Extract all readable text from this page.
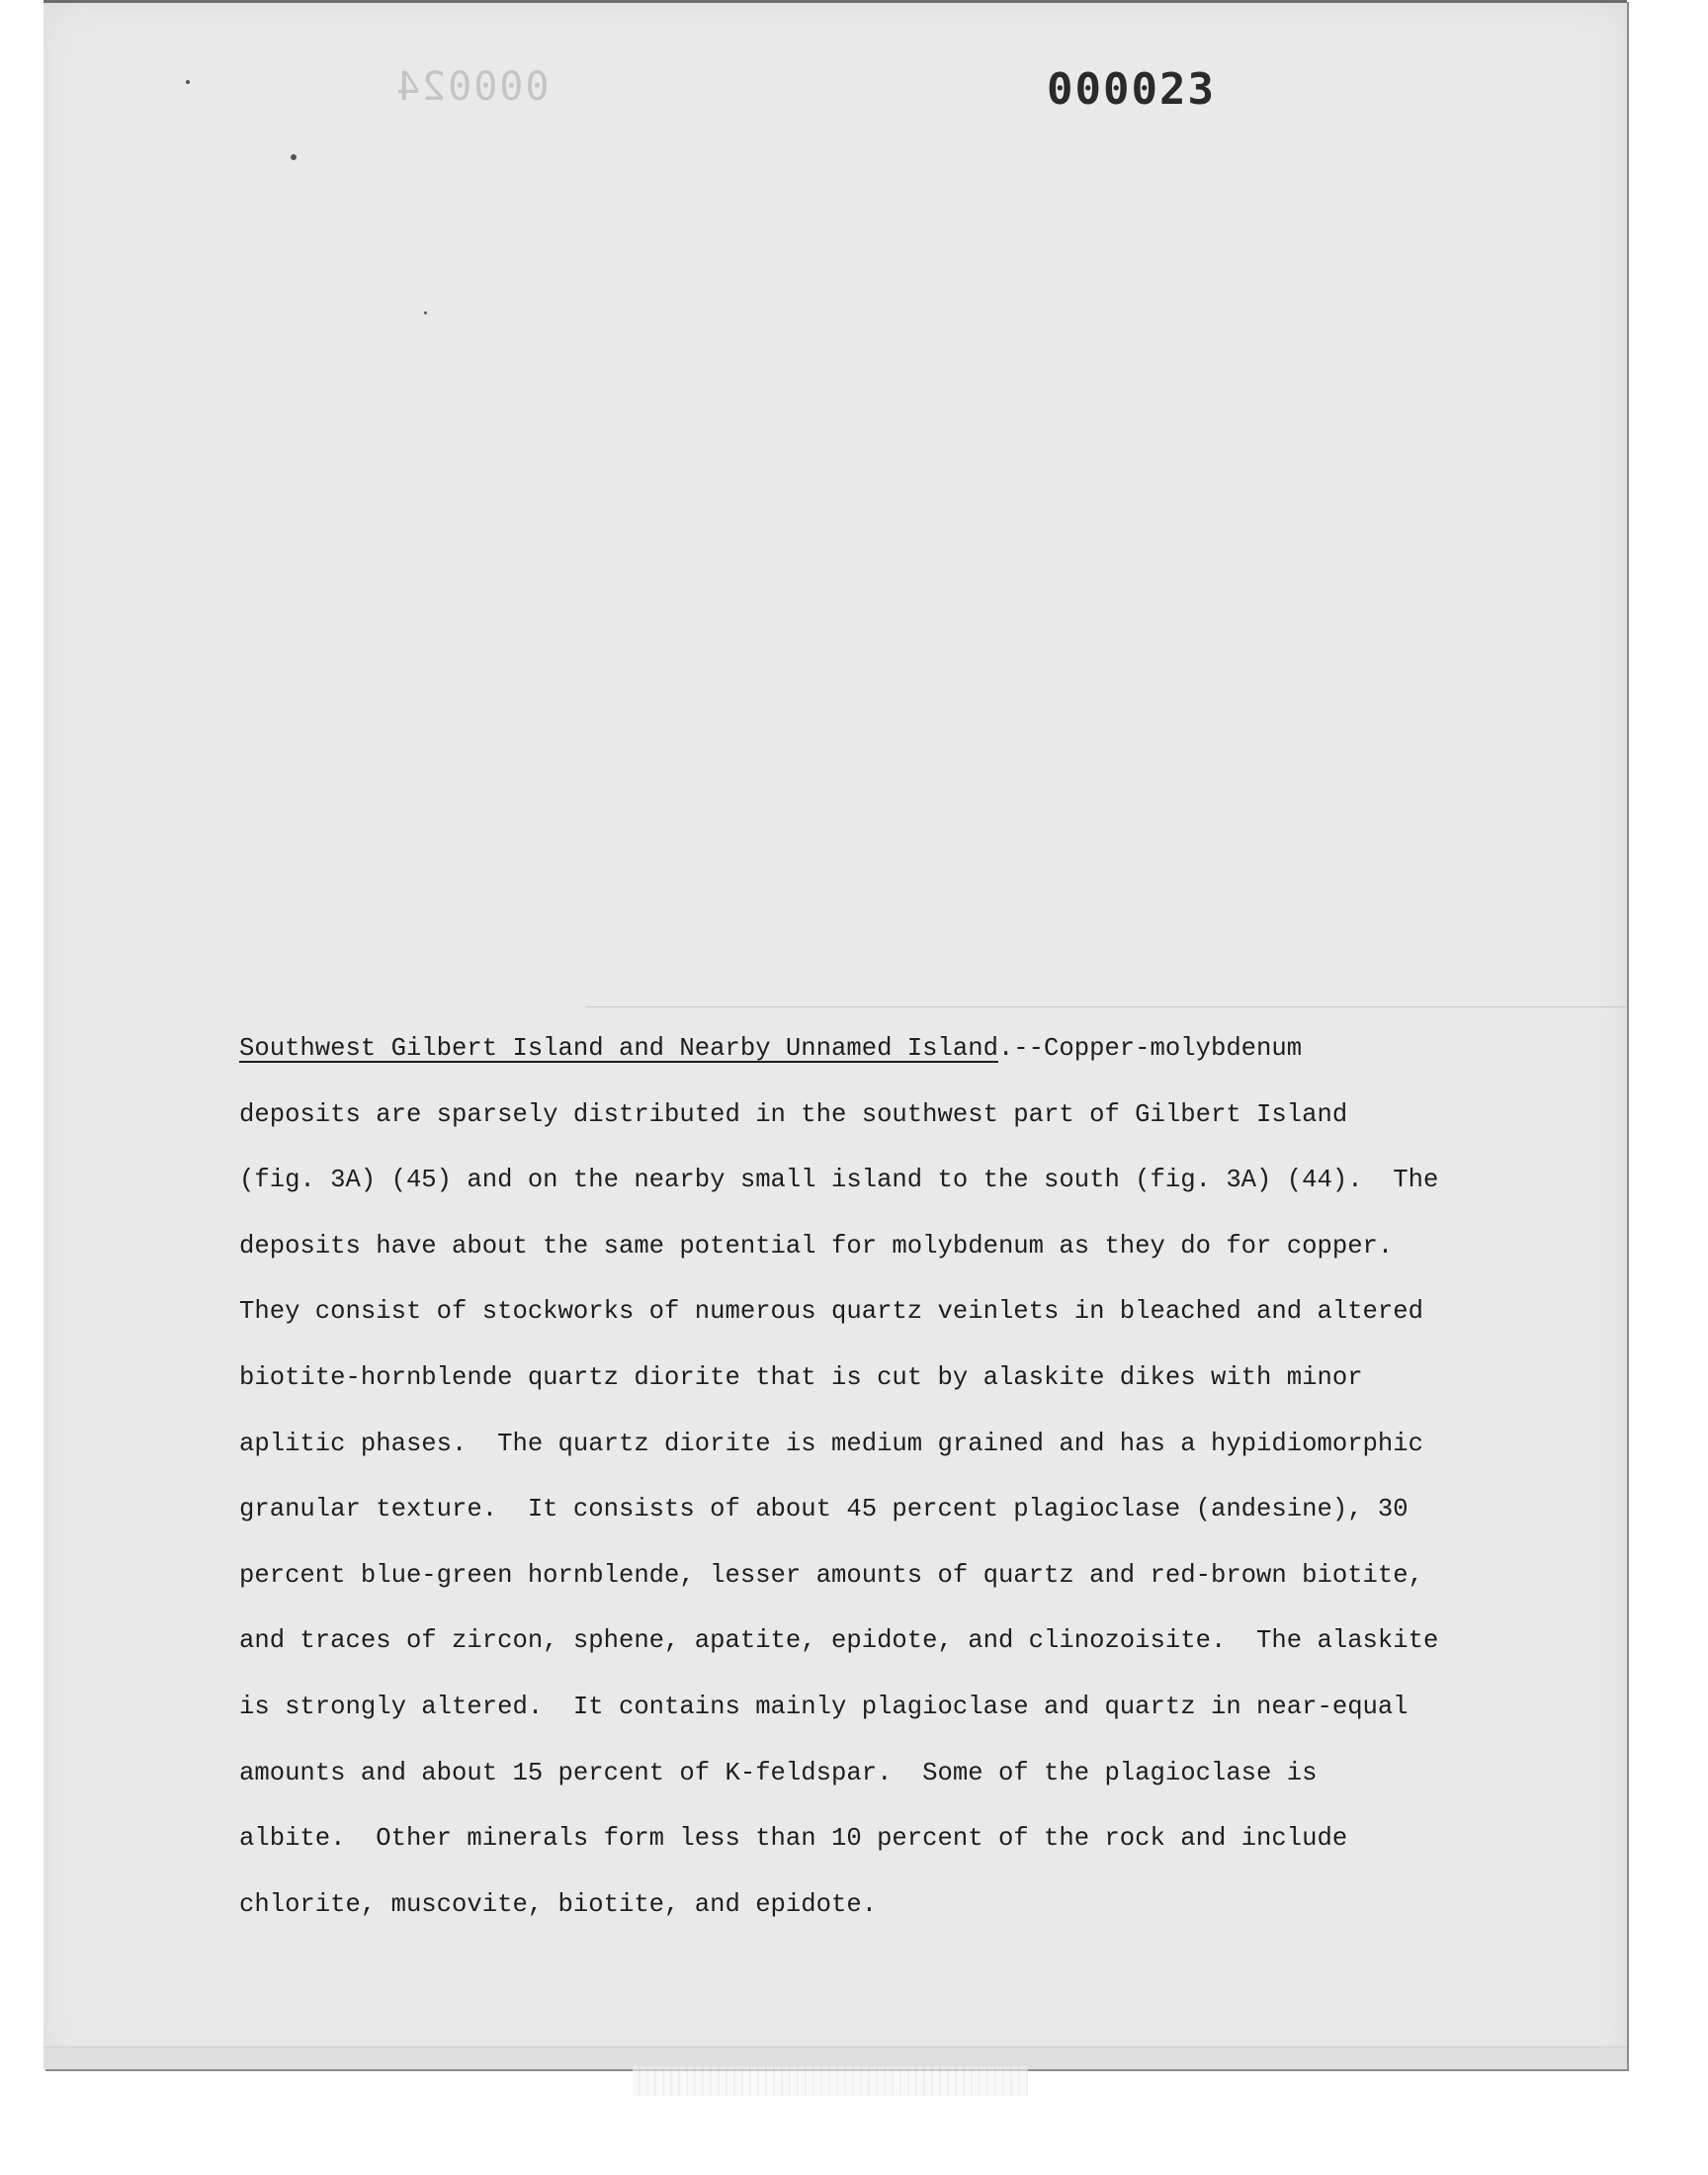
000024	000023
Southwest Gilbert Island and Nearby Unnamed Island.--Copper-molybdenum
deposits are sparsely distributed in the southwest part of Gilbert Island
(fig. 3A) (45) and on the nearby small island to the south (fig. 3A) (44).  The
deposits have about the same potential for molybdenum as they do for copper.
They consist of stockworks of numerous quartz veinlets in bleached and altered
biotite-hornblende quartz diorite that is cut by alaskite dikes with minor
aplitic phases.  The quartz diorite is medium grained and has a hypidiomorphic
granular texture.  It consists of about 45 percent plagioclase (andesine), 30
percent blue-green hornblende, lesser amounts of quartz and red-brown biotite,
and traces of zircon, sphene, apatite, epidote, and clinozoisite.  The alaskite
is strongly altered.  It contains mainly plagioclase and quartz in near-equal
amounts and about 15 percent of K-feldspar.  Some of the plagioclase is
albite.  Other minerals form less than 10 percent of the rock and include
chlorite, muscovite, biotite, and epidote.
